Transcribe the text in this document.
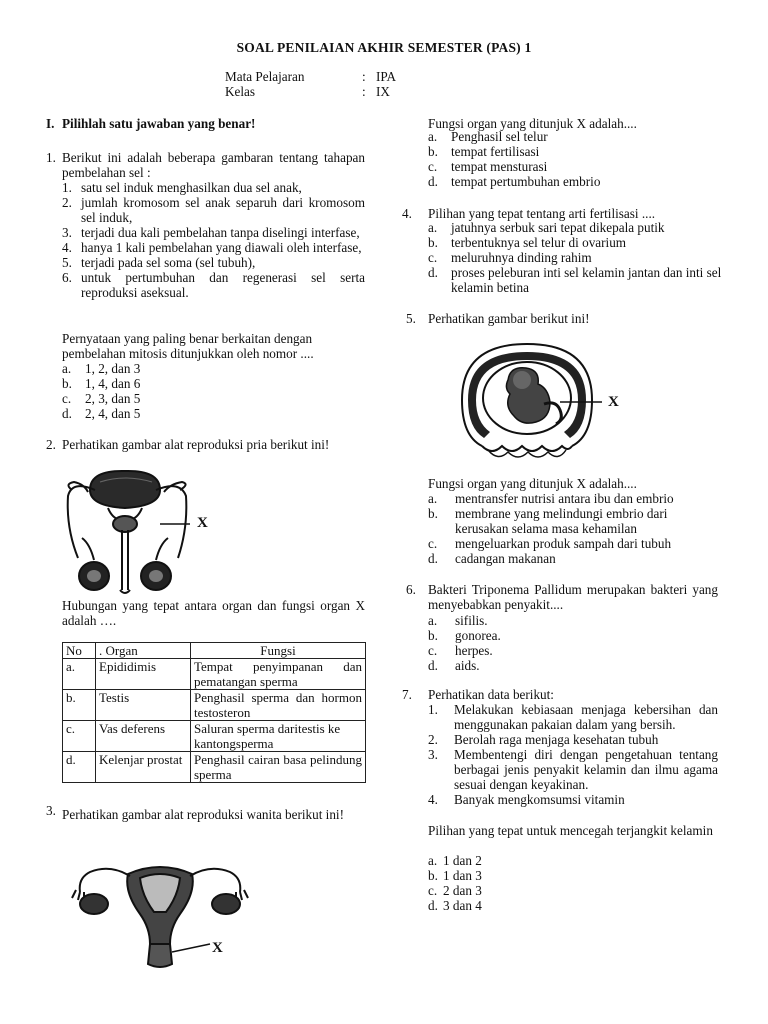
SOAL PENILAIAN AKHIR SEMESTER (PAS) 1
Mata Pelajaran	: IPA
Kelas	: IX
I. Pilihlah satu jawaban yang benar!
1. Berikut ini adalah beberapa gambaran tentang tahapan pembelahan sel :
1. satu sel induk menghasilkan dua sel anak,
2. jumlah kromosom sel anak separuh dari kromosom sel induk,
3. terjadi dua kali pembelahan tanpa diselingi interfase,
4. hanya 1 kali pembelahan yang diawali oleh interfase,
5. terjadi pada sel soma (sel tubuh),
6. untuk pertumbuhan dan regenerasi sel serta reproduksi aseksual.
Pernyataan yang paling benar berkaitan dengan pembelahan mitosis ditunjukkan oleh nomor ....
a. 1, 2, dan 3
b. 1, 4, dan 6
c. 2, 3, dan 5
d. 2, 4, dan 5
2. Perhatikan gambar alat reproduksi pria berikut ini!
X
Hubungan yang tepat antara organ dan fungsi organ X adalah ….
No	. Organ	Fungsi
a.	Epididimis	Tempat penyimpanan dan pematangan sperma
b.	Testis	Penghasil sperma dan hormon testosteron
c.	Vas deferens	Saluran sperma daritestis ke kantongsperma
d.	Kelenjar prostat	Penghasil cairan basa pelindung sperma
3. Perhatikan gambar alat reproduksi wanita berikut ini!
X
Fungsi organ yang ditunjuk X adalah....
a. Penghasil sel telur
b. tempat fertilisasi
c. tempat mensturasi
d. tempat pertumbuhan embrio
4. Pilihan yang tepat tentang arti fertilisasi ....
a. jatuhnya serbuk sari tepat dikepala putik
b. terbentuknya sel telur di ovarium
c. meluruhnya dinding rahim
d. proses peleburan inti sel kelamin jantan dan inti sel kelamin betina
5. Perhatikan gambar berikut ini!
X
Fungsi organ yang ditunjuk X adalah....
a. mentransfer nutrisi antara ibu dan embrio
b. membrane yang melindungi embrio dari kerusakan selama masa kehamilan
c. mengeluarkan produk sampah dari tubuh
d. cadangan makanan
6. Bakteri Triponema Pallidum merupakan bakteri yang menyebabkan penyakit....
a. sifilis.
b. gonorea.
c. herpes.
d. aids.
7. Perhatikan data berikut:
1. Melakukan kebiasaan menjaga kebersihan dan menggunakan pakaian dalam yang bersih.
2. Berolah raga menjaga kesehatan tubuh
3. Membentengi diri dengan pengetahuan tentang berbagai jenis penyakit kelamin dan ilmu agama sesuai dengan keyakinan.
4. Banyak mengkomsumsi vitamin
Pilihan yang tepat untuk mencegah terjangkit kelamin
a. 1 dan 2
b. 1 dan 3
c. 2 dan 3
d. 3 dan 4
